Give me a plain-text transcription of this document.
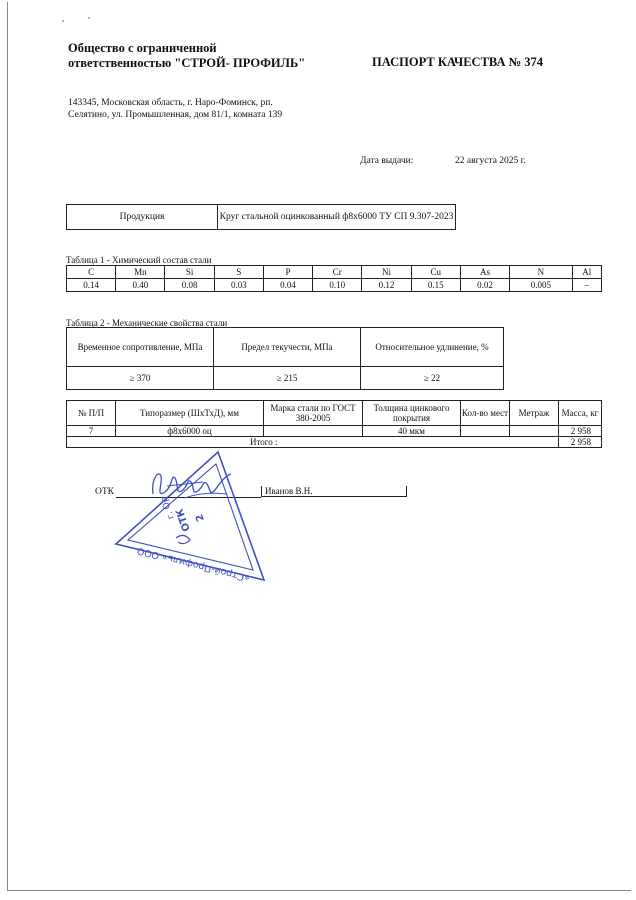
Общество с ограниченной
ответственностью "СТРОЙ- ПРОФИЛЬ"	ПАСПОРТ КАЧЕСТВА № 374
143345, Московская область, г. Наро-Фоминск, рп.
Селятино, ул. Промышленная, дом 81/1, комната 139
Дата выдачи:	22 августа 2025 г.
Продукция	Круг стальной оцинкованный ф8х6000 ТУ СП 9.307-2023
Таблица 1 - Химический состав стали
C	Mn	Si	S	P	Cr	Ni	Cu	As	N	Al
0.14	0.40	0.08	0.03	0.04	0.10	0.12	0.15	0.02	0.005	–
Таблица 2 - Механические свойства стали
Временное сопротивление, МПа	Предел текучести, МПа	Относительное удлинение, %
≥ 370	≥ 215	≥ 22
№ П/П	Типоразмер (ШхТхД), мм	Марка стали по ГОСТ 380-2005	Толщина цинкового покрытия	Кол-во мест	Метраж	Масса, кг
7	ф8х6000 оц		40 мкм			2 958
Итого :						2 958
ОТК	Иванов В.Н.
«Строй-Профиль» ООО
г. Ор
ОТК 2
